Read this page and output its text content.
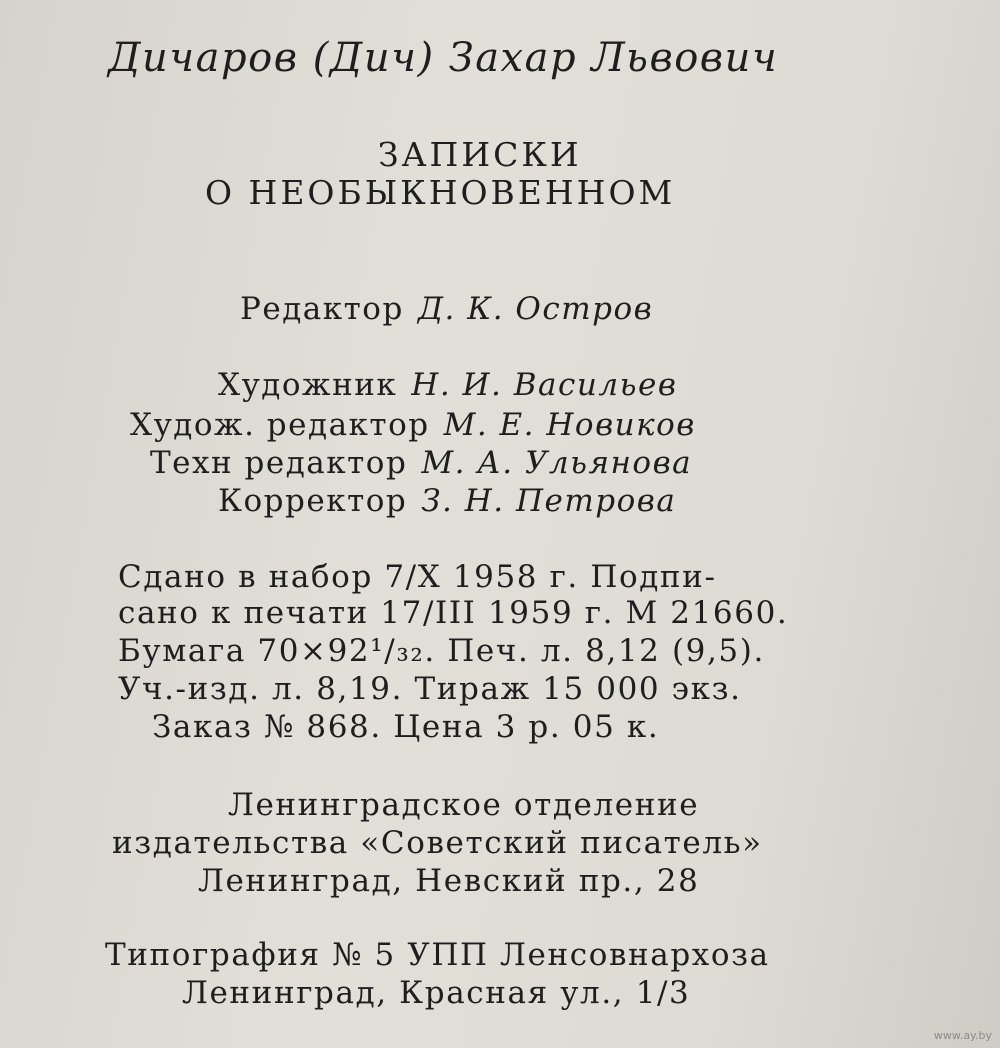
Дичаров (Дич) Захар Львович
ЗАПИСКИ
О НЕОБЫКНОВЕННОМ
Редактор Д. К. Остров
Художник Н. И. Васильев
Худож. редактор М. Е. Новиков
Техн редактор М. А. Ульянова
Корректор З. Н. Петрова
Сдано в набор 7/X 1958 г. Подпи-
сано к печати 17/III 1959 г. М 21660.
Бумага 70×92¹/₃₂. Печ. л. 8,12 (9,5).
Уч.-изд. л. 8,19. Тираж 15 000 экз.
Заказ № 868. Цена 3 р. 05 к.
Ленинградское отделение
издательства «Советский писатель»
Ленинград, Невский пр., 28
Типография № 5 УПП Ленсовнархоза
Ленинград, Красная ул., 1/3
www.ay.by
